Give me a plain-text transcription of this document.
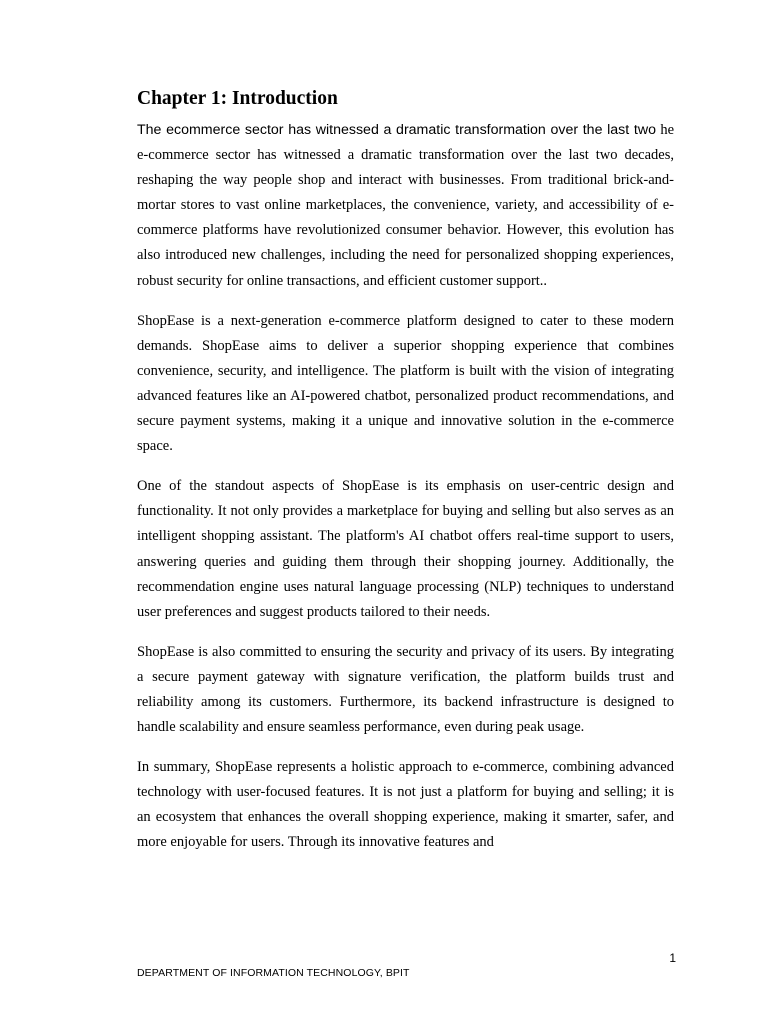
Chapter 1: Introduction

The ecommerce sector has witnessed a dramatic transformation over the last two he e-commerce sector has witnessed a dramatic transformation over the last two decades, reshaping the way people shop and interact with businesses. From traditional brick-and-mortar stores to vast online marketplaces, the convenience, variety, and accessibility of e-commerce platforms have revolutionized consumer behavior. However, this evolution has also introduced new challenges, including the need for personalized shopping experiences, robust security for online transactions, and efficient customer support..

ShopEase is a next-generation e-commerce platform designed to cater to these modern demands. ShopEase aims to deliver a superior shopping experience that combines convenience, security, and intelligence. The platform is built with the vision of integrating advanced features like an AI-powered chatbot, personalized product recommendations, and secure payment systems, making it a unique and innovative solution in the e-commerce space.

One of the standout aspects of ShopEase is its emphasis on user-centric design and functionality. It not only provides a marketplace for buying and selling but also serves as an intelligent shopping assistant. The platform's AI chatbot offers real-time support to users, answering queries and guiding them through their shopping journey. Additionally, the recommendation engine uses natural language processing (NLP) techniques to understand user preferences and suggest products tailored to their needs.

ShopEase is also committed to ensuring the security and privacy of its users. By integrating a secure payment gateway with signature verification, the platform builds trust and reliability among its customers. Furthermore, its backend infrastructure is designed to handle scalability and ensure seamless performance, even during peak usage.

In summary, ShopEase represents a holistic approach to e-commerce, combining advanced technology with user-focused features. It is not just a platform for buying and selling; it is an ecosystem that enhances the overall shopping experience, making it smarter, safer, and more enjoyable for users. Through its innovative features and

1
DEPARTMENT OF INFORMATION TECHNOLOGY, BPIT
